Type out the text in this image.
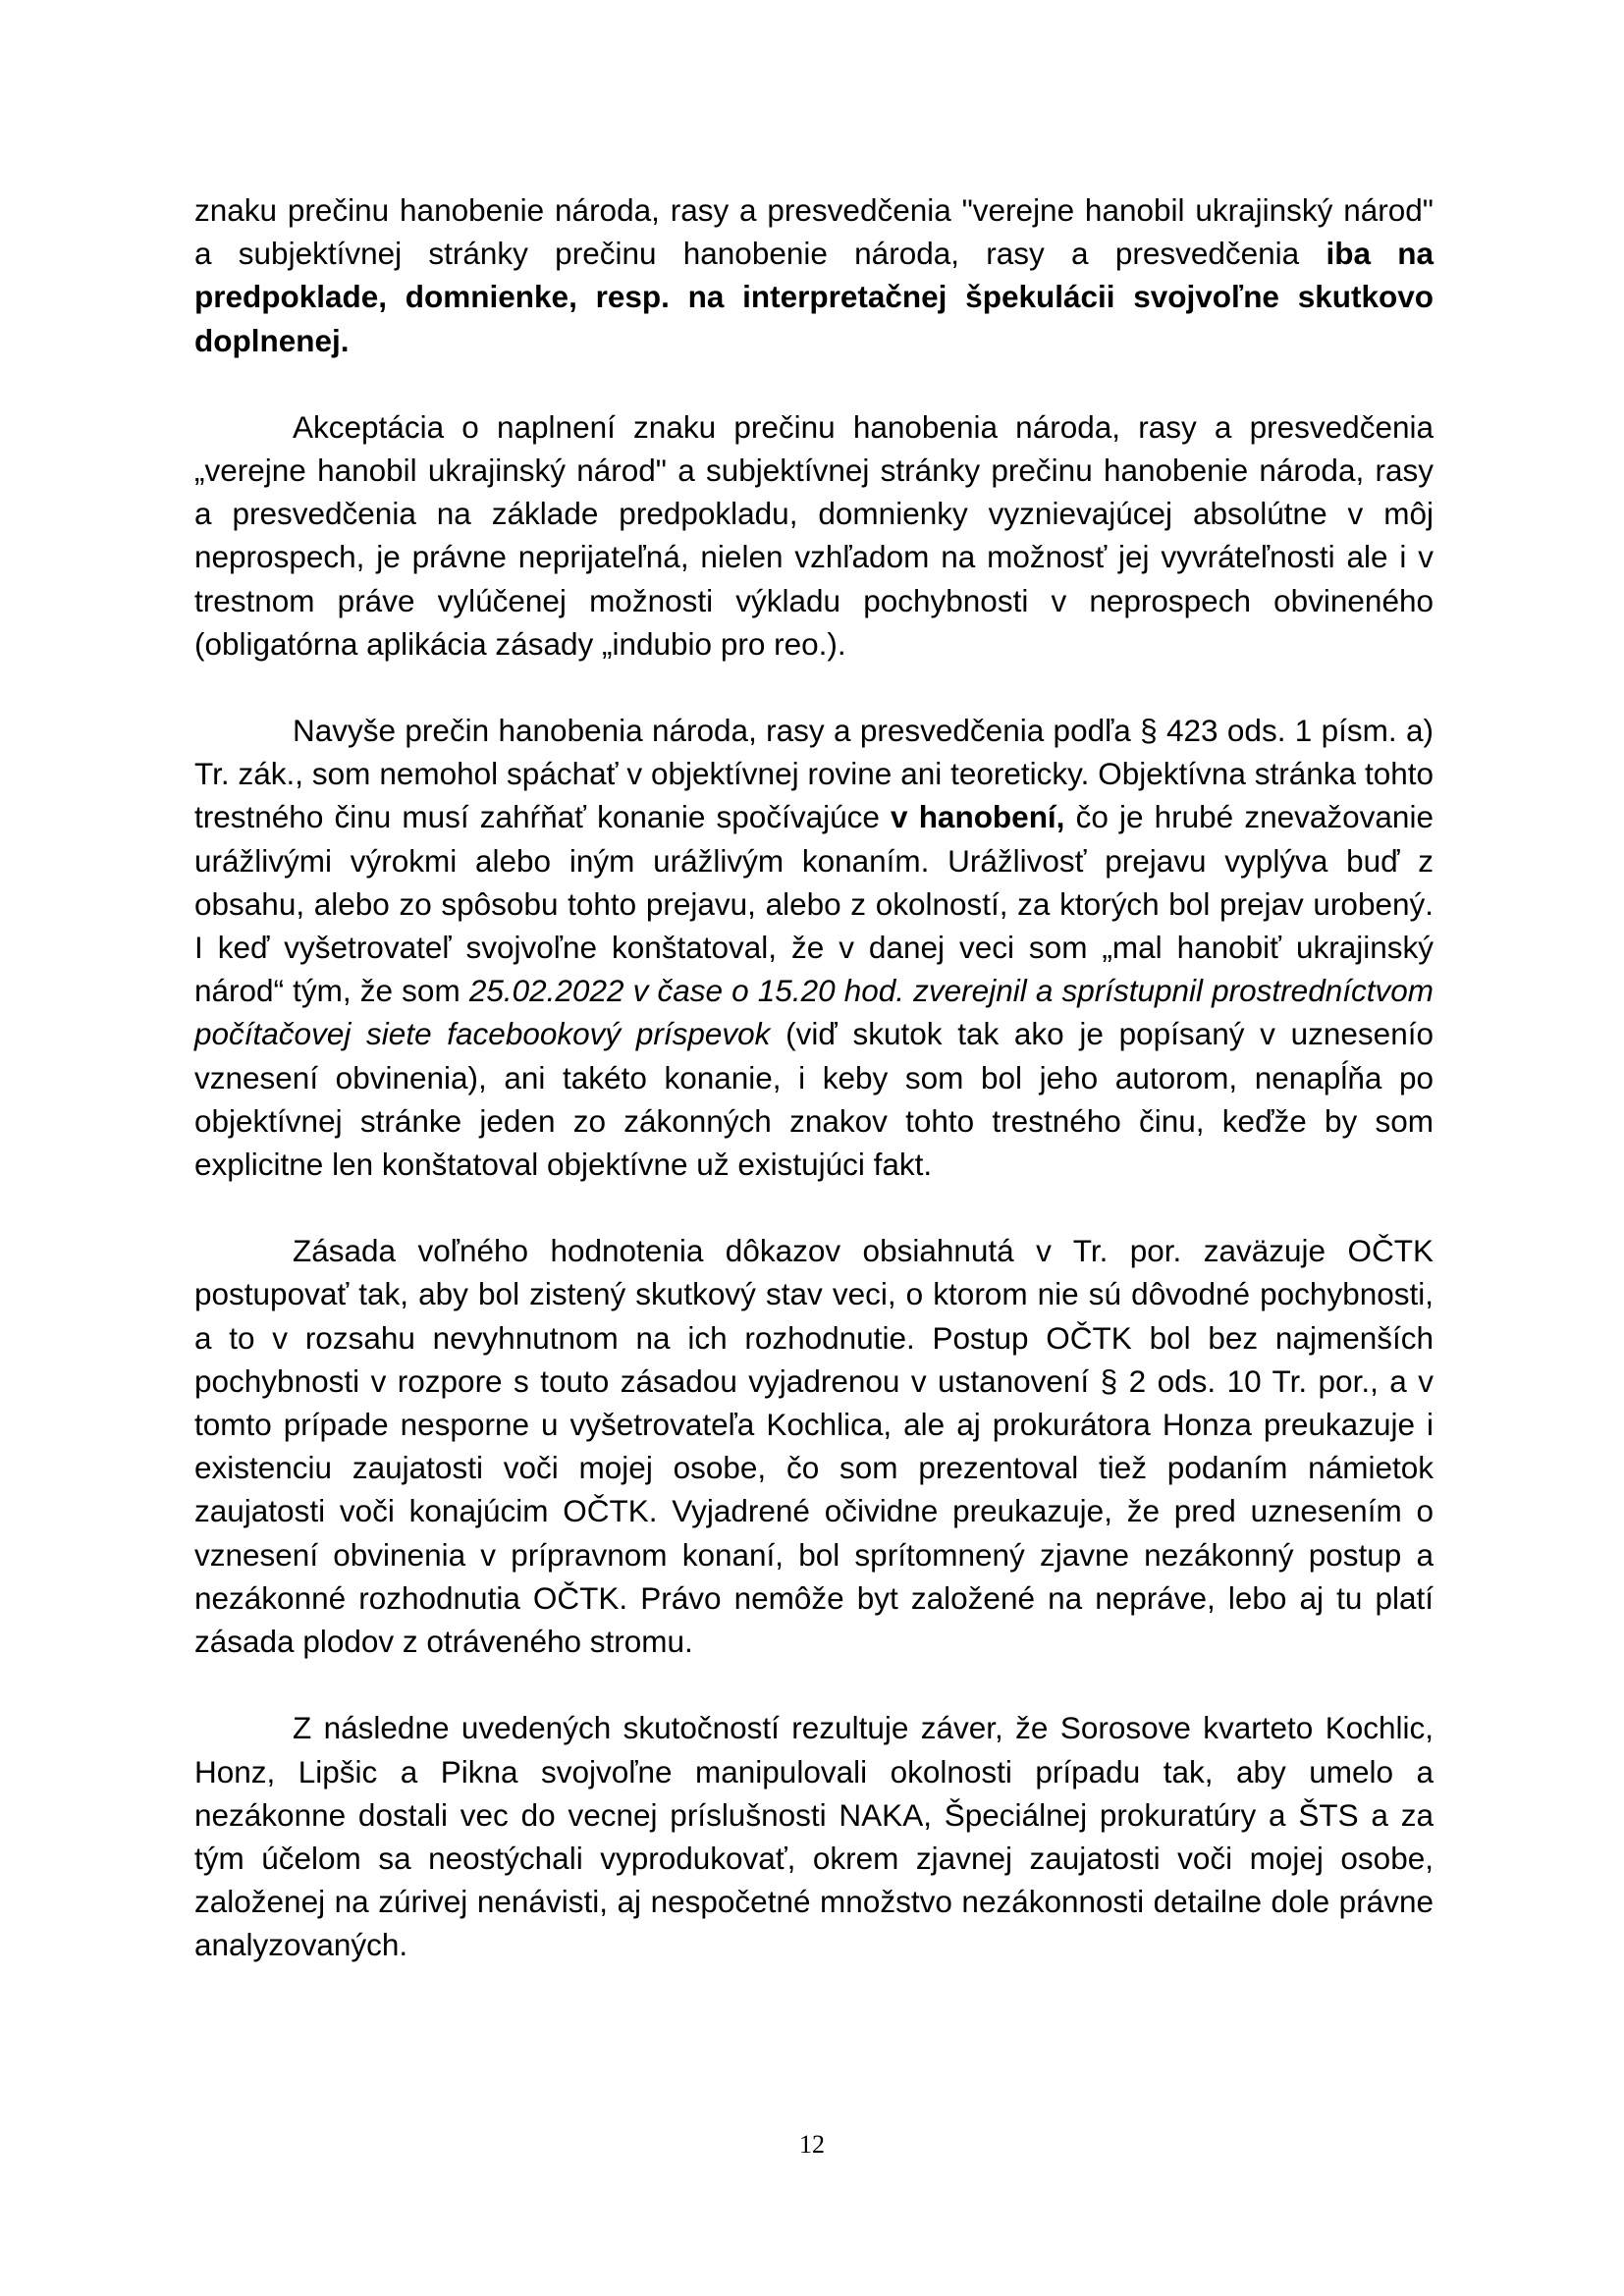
znaku prečinu hanobenie národa, rasy a presvedčenia "verejne hanobil ukrajinský národ" a subjektívnej stránky prečinu hanobenie národa, rasy a presvedčenia iba na predpoklade, domnienke, resp. na interpretačnej špekulácii svojvoľne skutkovo doplnenej.

Akceptácia o naplnení znaku prečinu hanobenia národa, rasy a presvedčenia „verejne hanobil ukrajinský národ" a subjektívnej stránky prečinu hanobenie národa, rasy a presvedčenia na základe predpokladu, domnienky vyznievajúcej absolútne v môj neprospech, je právne neprijateľná, nielen vzhľadom na možnosť jej vyvráteľnosti ale i v trestnom práve vylúčenej možnosti výkladu pochybnosti v neprospech obvineného (obligatórna aplikácia zásady „indubio pro reo.).

Navyše prečin hanobenia národa, rasy a presvedčenia podľa § 423 ods. 1 písm. a) Tr. zák., som nemohol spáchať v objektívnej rovine ani teoreticky. Objektívna stránka tohto trestného činu musí zahŕňať konanie spočívajúce v hanobení, čo je hrubé znevažovanie urážlivými výrokmi alebo iným urážlivým konaním. Urážlivosť prejavu vyplýva buď z obsahu, alebo zo spôsobu tohto prejavu, alebo z okolností, za ktorých bol prejav urobený. I keď vyšetrovateľ svojvoľne konštatoval, že v danej veci som „mal hanobiť ukrajinský národ“ tým, že som 25.02.2022 v čase o 15.20 hod. zverejnil a sprístupnil prostredníctvom počítačovej siete facebookový príspevok (viď skutok tak ako je popísaný v uznesenío vznesení obvinenia), ani takéto konanie, i keby som bol jeho autorom, nenapĺňa po objektívnej stránke jeden zo zákonných znakov tohto trestného činu, keďže by som explicitne len konštatoval objektívne už existujúci fakt.

Zásada voľného hodnotenia dôkazov obsiahnutá v Tr. por. zaväzuje OČTK postupovať tak, aby bol zistený skutkový stav veci, o ktorom nie sú dôvodné pochybnosti, a to v rozsahu nevyhnutnom na ich rozhodnutie. Postup OČTK bol bez najmenších pochybnosti v rozpore s touto zásadou vyjadrenou v ustanovení § 2 ods. 10 Tr. por., a v tomto prípade nesporne u vyšetrovateľa Kochlica, ale aj prokurátora Honza preukazuje i existenciu zaujatosti voči mojej osobe, čo som prezentoval tiež podaním námietok zaujatosti voči konajúcim OČTK. Vyjadrené očividne preukazuje, že pred uznesením o vznesení obvinenia v prípravnom konaní, bol sprítomnený zjavne nezákonný postup a nezákonné rozhodnutia OČTK. Právo nemôže byt založené na neprávе, lebo aj tu platí zásada plodov z otráveného stromu.

Z následne uvedených skutočností rezultuje záver, že Sorosove kvarteto Kochlic, Honz, Lipšic a Pikna svojvoľne manipulovali okolnosti prípadu tak, aby umelo a nezákonne dostali vec do vecnej príslušnosti NAKA, Špeciálnej prokuratúry a ŠTS a za tým účelom sa neostýchali vyprodukovať, okrem zjavnej zaujatosti voči mojej osobe, založenej na zúrivej nenávisti, aj nespočetné množstvo nezákonnosti detailne dole právne analyzovaných.

12
